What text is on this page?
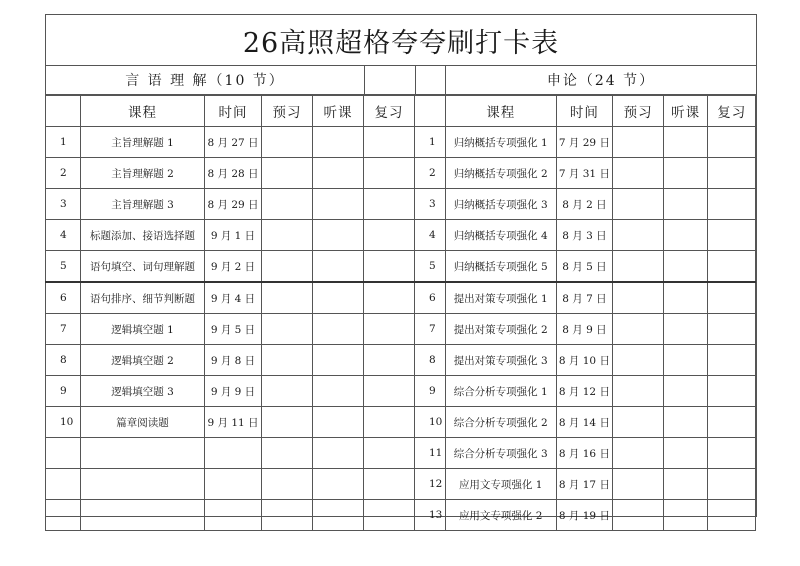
26高照超格夸夸刷打卡表
言 语 理 解（10 节）	申论（24 节）
	课程	时间	预习	听课	复习
1	主旨理解题 1	8 月 27 日			
2	主旨理解题 2	8 月 28 日			
3	主旨理解题 3	8 月 29 日			
4	标题添加、接语选择题	9 月 1 日			
5	语句填空、词句理解题	9 月 2 日			
6	语句排序、细节判断题	9 月 4 日			
7	逻辑填空题 1	9 月 5 日			
8	逻辑填空题 2	9 月 8 日			
9	逻辑填空题 3	9 月 9 日			
10	篇章阅读题	9 月 11 日			

	课程	时间	预习	听课	复习
1	归纳概括专项强化 1	7 月 29 日			
2	归纳概括专项强化 2	7 月 31 日			
3	归纳概括专项强化 3	8 月 2 日			
4	归纳概括专项强化 4	8 月 3 日			
5	归纳概括专项强化 5	8 月 5 日			
6	提出对策专项强化 1	8 月 7 日			
7	提出对策专项强化 2	8 月 9 日			
8	提出对策专项强化 3	8 月 10 日			
9	综合分析专项强化 1	8 月 12 日			
10	综合分析专项强化 2	8 月 14 日			
11	综合分析专项强化 3	8 月 16 日			
12	应用文专项强化 1	8 月 17 日			
13	应用文专项强化 2	8 月 19 日			
